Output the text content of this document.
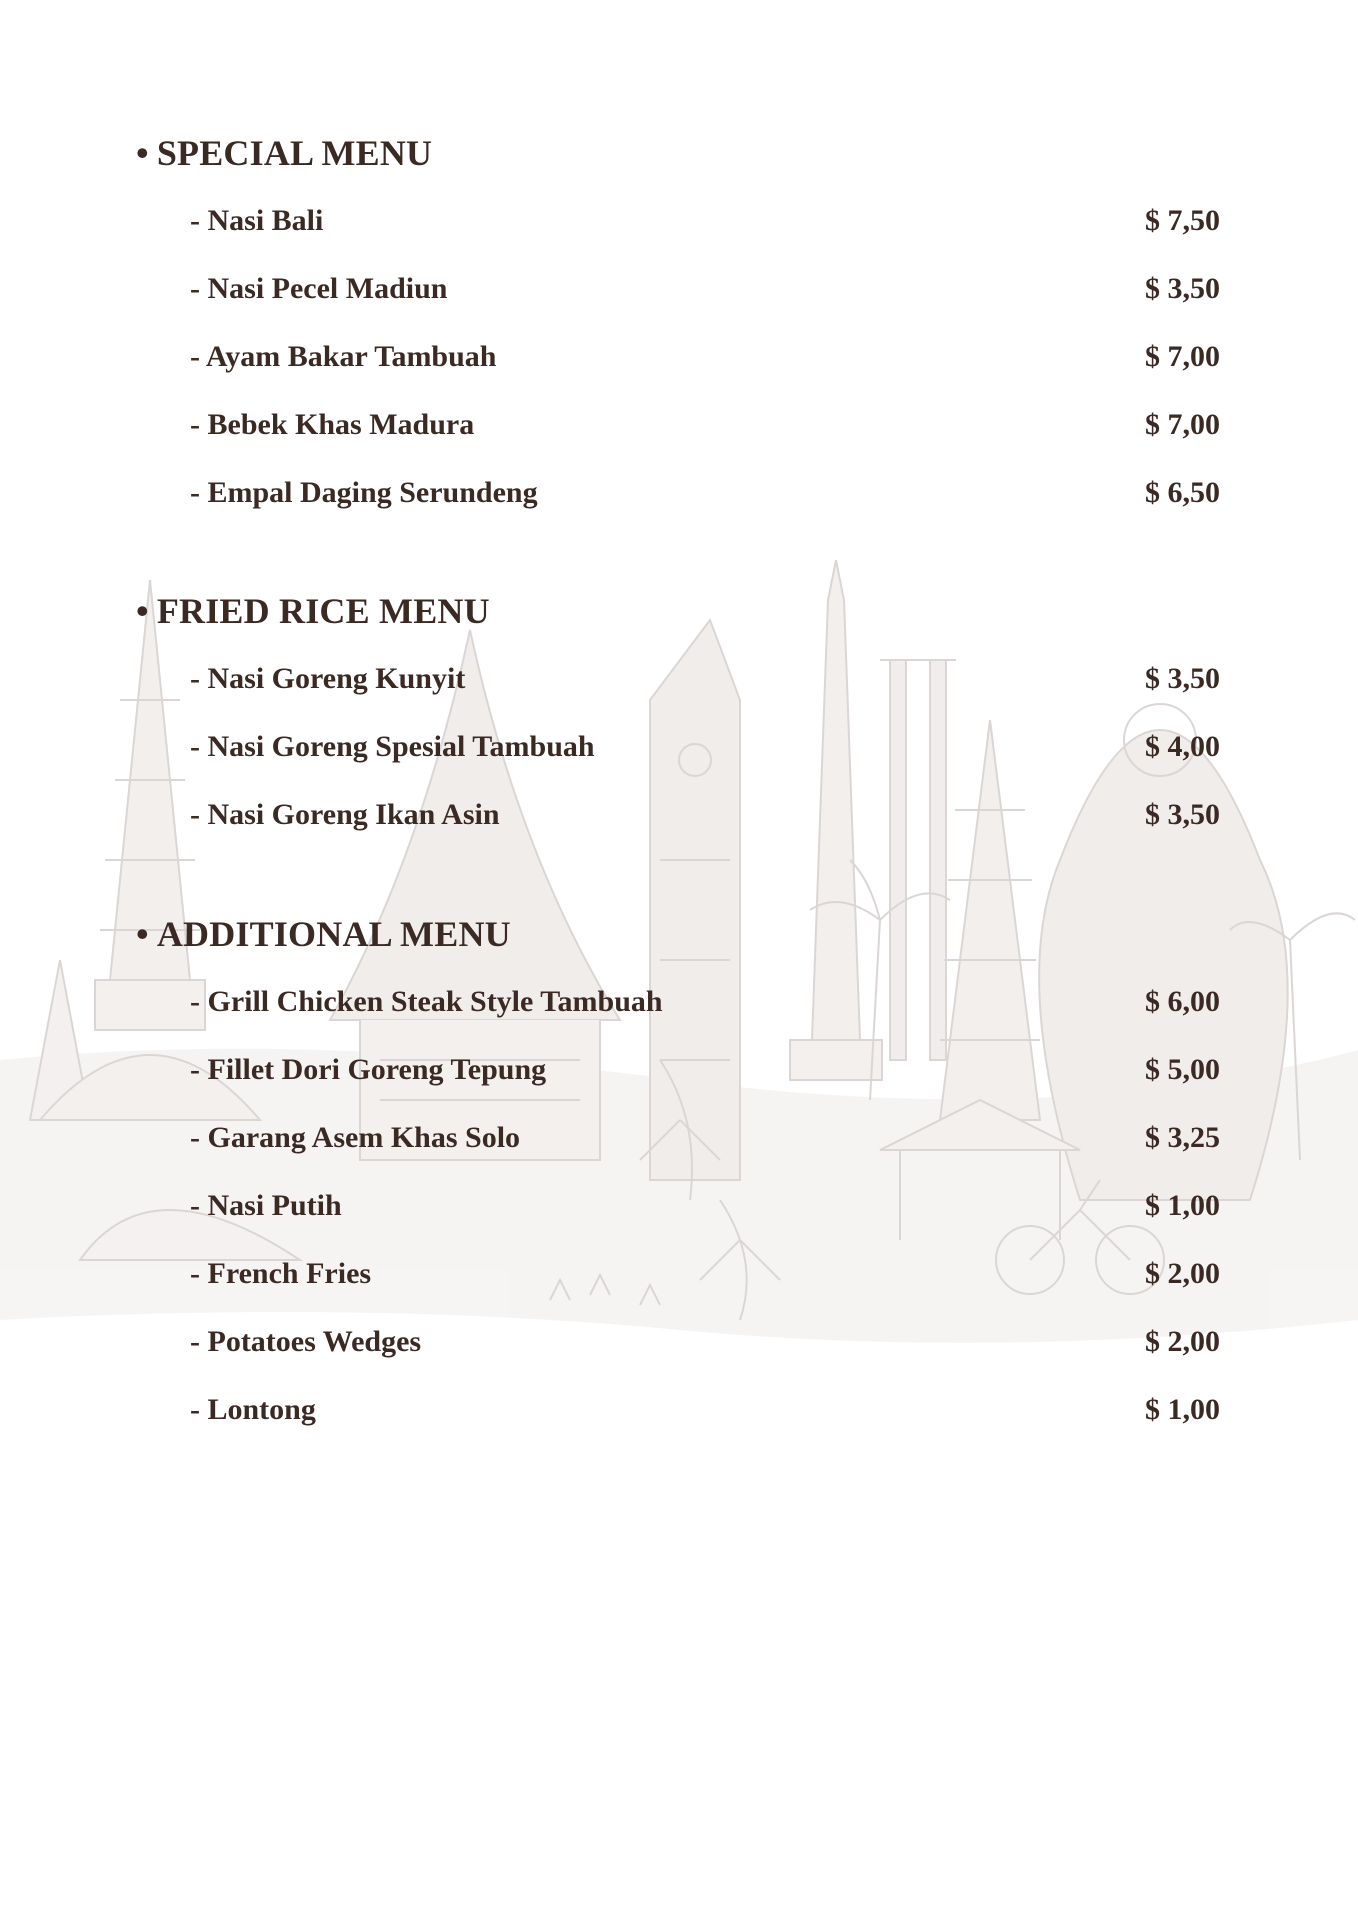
• SPECIAL MENU
- Nasi Bali	$ 7,50
- Nasi Pecel Madiun	$ 3,50
- Ayam Bakar Tambuah	$ 7,00
- Bebek Khas Madura	$ 7,00
- Empal Daging Serundeng	$ 6,50
• FRIED RICE MENU
- Nasi Goreng Kunyit	$ 3,50
- Nasi Goreng Spesial Tambuah	$ 4,00
- Nasi Goreng Ikan Asin	$ 3,50
• ADDITIONAL MENU
- Grill Chicken Steak Style Tambuah	$ 6,00
- Fillet Dori Goreng Tepung	$ 5,00
- Garang Asem Khas Solo	$ 3,25
- Nasi Putih	$ 1,00
- French Fries	$ 2,00
- Potatoes Wedges	$ 2,00
- Lontong	$ 1,00
